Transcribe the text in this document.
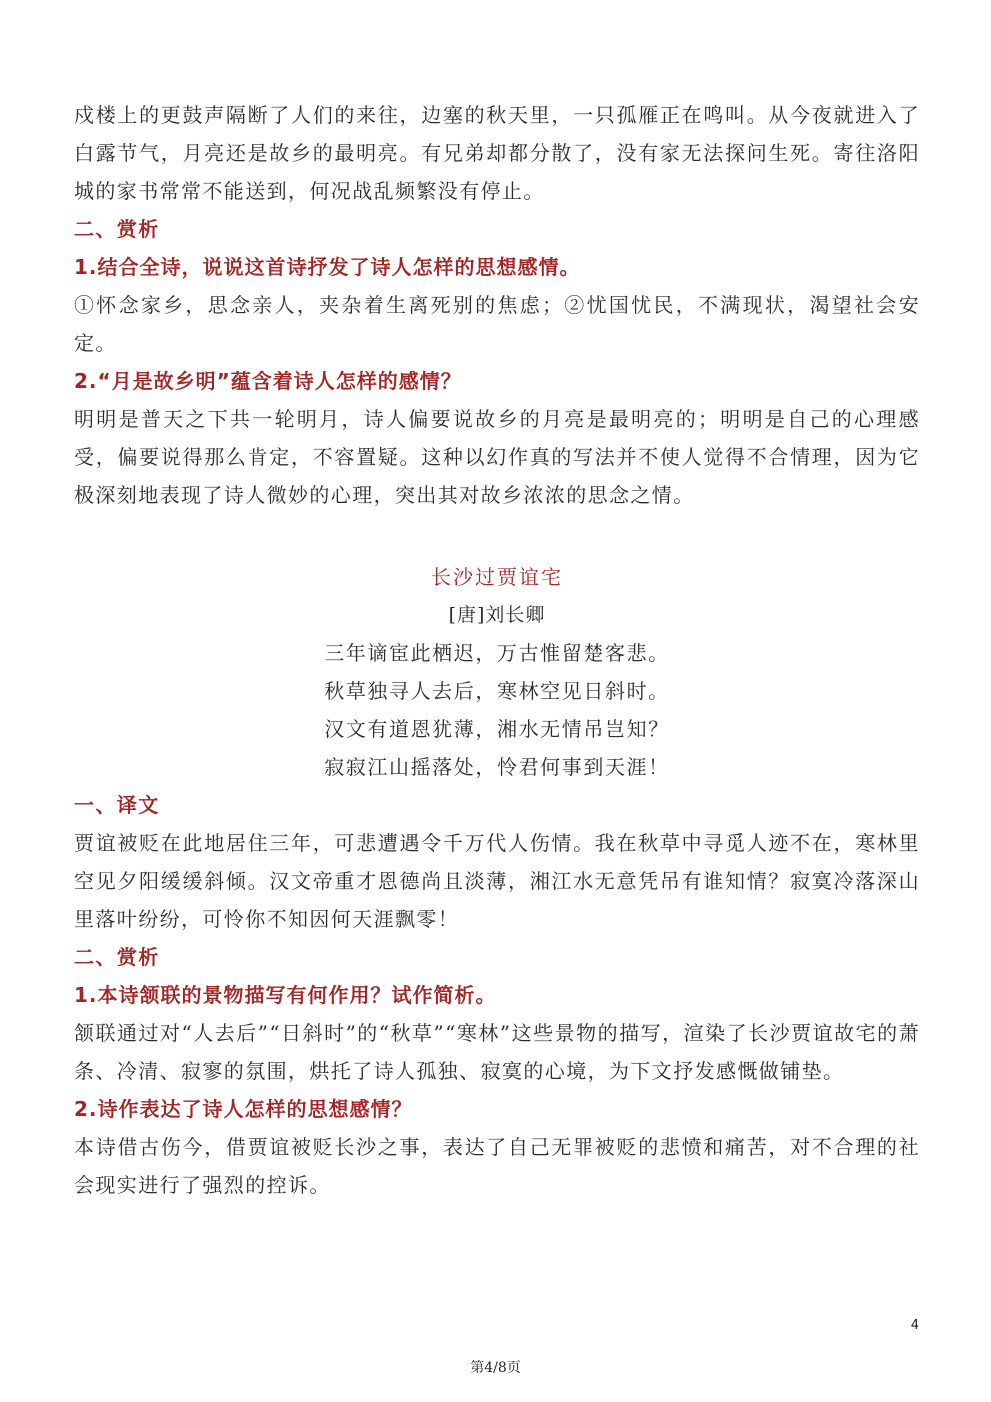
戍楼上的更鼓声隔断了人们的来往，边塞的秋天里，一只孤雁正在鸣叫。从今夜就进入了白露节气，月亮还是故乡的最明亮。有兄弟却都分散了，没有家无法探问生死。寄往洛阳城的家书常常不能送到，何况战乱频繁没有停止。

二、赏析

1.结合全诗，说说这首诗抒发了诗人怎样的思想感情。

①怀念家乡，思念亲人，夹杂着生离死别的焦虑；②忧国忧民，不满现状，渴望社会安定。

2.“月是故乡明”蕴含着诗人怎样的感情？

明明是普天之下共一轮明月，诗人偏要说故乡的月亮是最明亮的；明明是自己的心理感受，偏要说得那么肯定，不容置疑。这种以幻作真的写法并不使人觉得不合情理，因为它极深刻地表现了诗人微妙的心理，突出其对故乡浓浓的思念之情。

长沙过贾谊宅

[唐]刘长卿

三年谪宦此栖迟，万古惟留楚客悲。

秋草独寻人去后，寒林空见日斜时。

汉文有道恩犹薄，湘水无情吊岂知？

寂寂江山摇落处，怜君何事到天涯！

一、译文

贾谊被贬在此地居住三年，可悲遭遇令千万代人伤情。我在秋草中寻觅人迹不在，寒林里空见夕阳缓缓斜倾。汉文帝重才恩德尚且淡薄，湘江水无意凭吊有谁知情？寂寞冷落深山里落叶纷纷，可怜你不知因何天涯飘零！

二、赏析

1.本诗颔联的景物描写有何作用？试作简析。

颔联通过对“人去后”“日斜时”的“秋草”“寒林”这些景物的描写，渲染了长沙贾谊故宅的萧条、冷清、寂寥的氛围，烘托了诗人孤独、寂寞的心境，为下文抒发感慨做铺垫。

2.诗作表达了诗人怎样的思想感情？

本诗借古伤今，借贾谊被贬长沙之事，表达了自己无罪被贬的悲愤和痛苦，对不合理的社会现实进行了强烈的控诉。

4
第4/8页
